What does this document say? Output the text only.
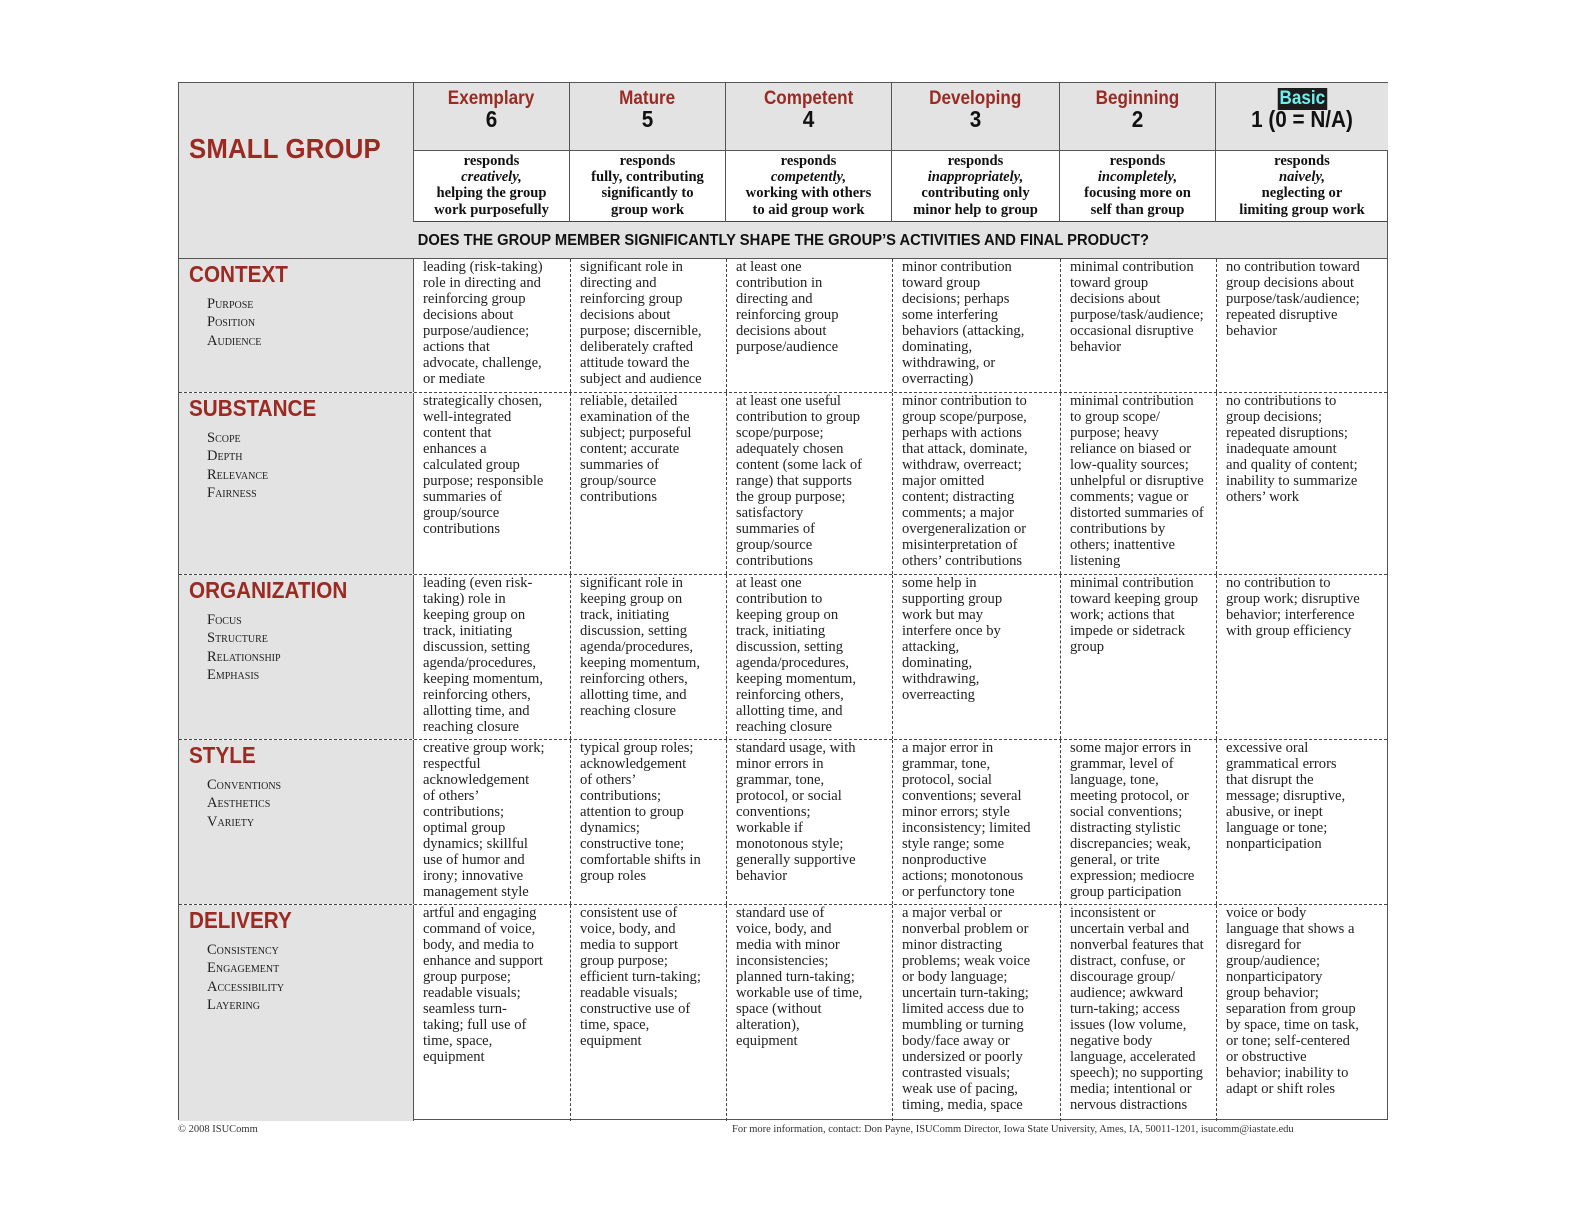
SMALL GROUP
Exemplary
6
responds
creatively,
helping the group
work purposefully
Mature
5
responds
fully, contributing
significantly to
group work
Competent
4
responds
competently,
working with others
to aid group work
Developing
3
responds
inappropriately,
contributing only
minor help to group
Beginning
2
responds
incompletely,
focusing more on
self than group
Basic
1 (0 = N/A)
responds
naively,
neglecting or
limiting group work
DOES THE GROUP MEMBER SIGNIFICANTLY SHAPE THE GROUP’S ACTIVITIES AND FINAL PRODUCT?
CONTEXT
Purpose
Position
Audience
leading (risk-taking)
role in directing and
reinforcing group
decisions about
purpose/audience;
actions that
advocate, challenge,
or mediate
significant role in
directing and
reinforcing group
decisions about
purpose; discernible,
deliberately crafted
attitude toward the
subject and audience
at least one
contribution in
directing and
reinforcing group
decisions about
purpose/audience
minor contribution
toward group
decisions; perhaps
some interfering
behaviors (attacking,
dominating,
withdrawing, or
overracting)
minimal contribution
toward group
decisions about
purpose/task/audience;
occasional disruptive
behavior
no contribution toward
group decisions about
purpose/task/audience;
repeated disruptive
behavior
SUBSTANCE
Scope
Depth
Relevance
Fairness
strategically chosen,
well-integrated
content that
enhances a
calculated group
purpose; responsible
summaries of
group/source
contributions
reliable, detailed
examination of the
subject; purposeful
content; accurate
summaries of
group/source
contributions
at least one useful
contribution to group
scope/purpose;
adequately chosen
content (some lack of
range) that supports
the group purpose;
satisfactory
summaries of
group/source
contributions
minor contribution to
group scope/purpose,
perhaps with actions
that attack, dominate,
withdraw, overreact;
major omitted
content; distracting
comments; a major
overgeneralization or
misinterpretation of
others’ contributions
minimal contribution
to group scope/
purpose; heavy
reliance on biased or
low-quality sources;
unhelpful or disruptive
comments; vague or
distorted summaries of
contributions by
others; inattentive
listening
no contributions to
group decisions;
repeated disruptions;
inadequate amount
and quality of content;
inability to summarize
others’ work
ORGANIZATION
Focus
Structure
Relationship
Emphasis
leading (even risk-
taking) role in
keeping group on
track, initiating
discussion, setting
agenda/procedures,
keeping momentum,
reinforcing others,
allotting time, and
reaching closure
significant role in
keeping group on
track, initiating
discussion, setting
agenda/procedures,
keeping momentum,
reinforcing others,
allotting time, and
reaching closure
at least one
contribution to
keeping group on
track, initiating
discussion, setting
agenda/procedures,
keeping momentum,
reinforcing others,
allotting time, and
reaching closure
some help in
supporting group
work but may
interfere once by
attacking,
dominating,
withdrawing,
overreacting
minimal contribution
toward keeping group
work; actions that
impede or sidetrack
group
no contribution to
group work; disruptive
behavior; interference
with group efficiency
STYLE
Conventions
Aesthetics
Variety
creative group work;
respectful
acknowledgement
of others’
contributions;
optimal group
dynamics; skillful
use of humor and
irony; innovative
management style
typical group roles;
acknowledgement
of others’
contributions;
attention to group
dynamics;
constructive tone;
comfortable shifts in
group roles
standard usage, with
minor errors in
grammar, tone,
protocol, or social
conventions;
workable if
monotonous style;
generally supportive
behavior
a major error in
grammar, tone,
protocol, social
conventions; several
minor errors; style
inconsistency; limited
style range; some
nonproductive
actions; monotonous
or perfunctory tone
some major errors in
grammar, level of
language, tone,
meeting protocol, or
social conventions;
distracting stylistic
discrepancies; weak,
general, or trite
expression; mediocre
group participation
excessive oral
grammatical errors
that disrupt the
message; disruptive,
abusive, or inept
language or tone;
nonparticipation
DELIVERY
Consistency
Engagement
Accessibility
Layering
artful and engaging
command of voice,
body, and media to
enhance and support
group purpose;
readable visuals;
seamless turn-
taking; full use of
time, space,
equipment
consistent use of
voice, body, and
media to support
group purpose;
efficient turn-taking;
readable visuals;
constructive use of
time, space,
equipment
standard use of
voice, body, and
media with minor
inconsistencies;
planned turn-taking;
workable use of time,
space (without
alteration),
equipment
a major verbal or
nonverbal problem or
minor distracting
problems; weak voice
or body language;
uncertain turn-taking;
limited access due to
mumbling or turning
body/face away or
undersized or poorly
contrasted visuals;
weak use of pacing,
timing, media, space
inconsistent or
uncertain verbal and
nonverbal features that
distract, confuse, or
discourage group/
audience; awkward
turn-taking; access
issues (low volume,
negative body
language, accelerated
speech); no supporting
media; intentional or
nervous distractions
voice or body
language that shows a
disregard for
group/audience;
nonparticipatory
group behavior;
separation from group
by space, time on task,
or tone; self-centered
or obstructive
behavior; inability to
adapt or shift roles
© 2008 ISUComm	For more information, contact: Don Payne, ISUComm Director, Iowa State University, Ames, IA, 50011-1201, isucomm@iastate.edu
